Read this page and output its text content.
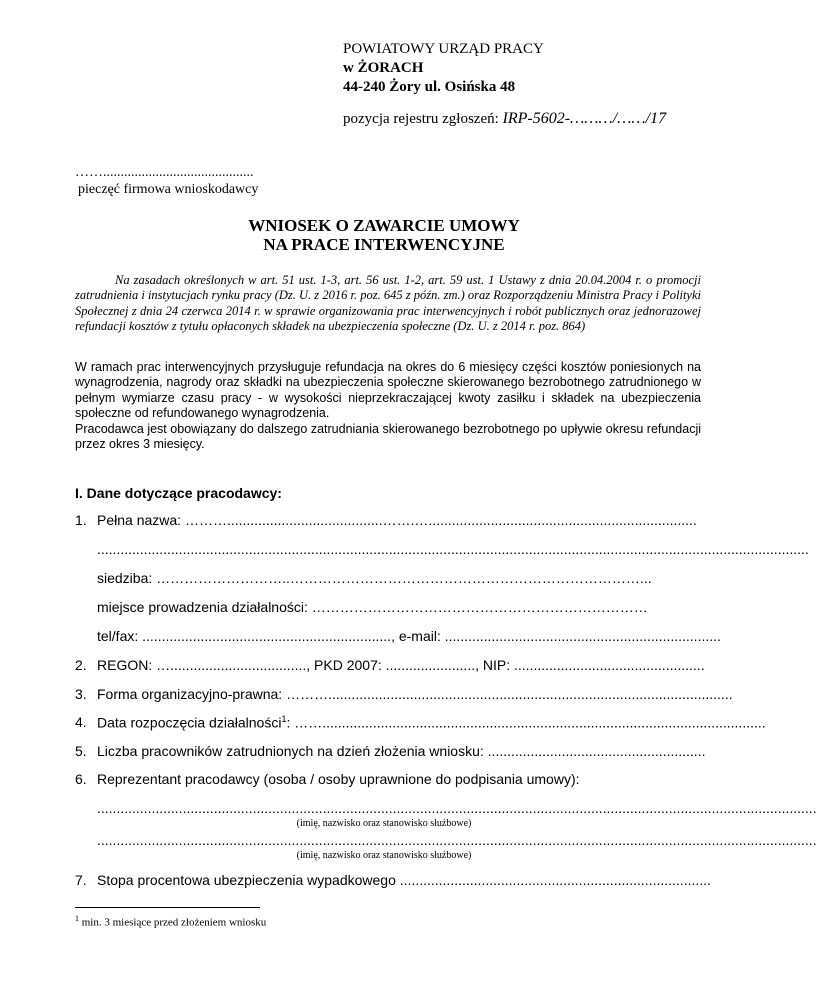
POWIATOWY URZĄD PRACY
w ŻORACH
44-240 Żory ul. Osińska 48
pozycja rejestru zgłoszeń: IRP-5602-………/……/17
……...........................................
pieczęć firmowa wnioskodawcy
WNIOSEK O ZAWARCIE UMOWY
NA PRACE INTERWENCYJNE
Na zasadach określonych w art. 51 ust. 1-3, art. 56 ust. 1-2, art. 59 ust. 1 Ustawy z dnia 20.04.2004 r. o promocji zatrudnienia i instytucjach rynku pracy (Dz. U. z 2016 r. poz. 645 z późn. zm.) oraz Rozporządzeniu Ministra Pracy i Polityki Społecznej z dnia 24 czerwca 2014 r. w sprawie organizowania prac interwencyjnych i robót publicznych oraz jednorazowej refundacji kosztów z tytułu opłaconych składek na ubezpieczenia społeczne (Dz. U. z 2014 r. poz. 864)

W ramach prac interwencyjnych przysługuje refundacja na okres do 6 miesięcy części kosztów poniesionych na wynagrodzenia, nagrody oraz składki na ubezpieczenia społeczne skierowanego bezrobotnego zatrudnionego w pełnym wymiarze czasu pracy - w wysokości nieprzekraczającej kwoty zasiłku i składek na ubezpieczenia społeczne od refundowanego wynagrodzenia.

Pracodawca jest obowiązany do dalszego zatrudniania skierowanego bezrobotnego po upływie okresu refundacji przez okres 3 miesięcy.

I. Dane dotyczące pracodawcy:
1. Pełna nazwa: ………........................................…….….....................................................................
.......................................................................................................................................................................................
siedziba: ………………………..…………………………………………………………………...
miejsce prowadzenia działalności: ………………………………………………………………
tel/fax: ................................................................, e-mail: .......................................................................
2. REGON: …..................................., PKD 2007: ......................., NIP: .................................................
3. Forma organizacyjno-prawna: ………........................................................................................................
4. Data rozpoczęcia działalności$^1$: ……..................................................................................................................
5. Liczba pracowników zatrudnionych na dzień złożenia wniosku: ........................................................
6. Reprezentant pracodawcy (osoba / osoby uprawnione do podpisania umowy):
.........................................................................................................................................................................................
(imię, nazwisko oraz stanowisko służbowe)
.........................................................................................................................................................................................
(imię, nazwisko oraz stanowisko służbowe)
7. Stopa procentowa ubezpieczenia wypadkowego ................................................................................
$^1$ min. 3 miesiące przed złożeniem wniosku
